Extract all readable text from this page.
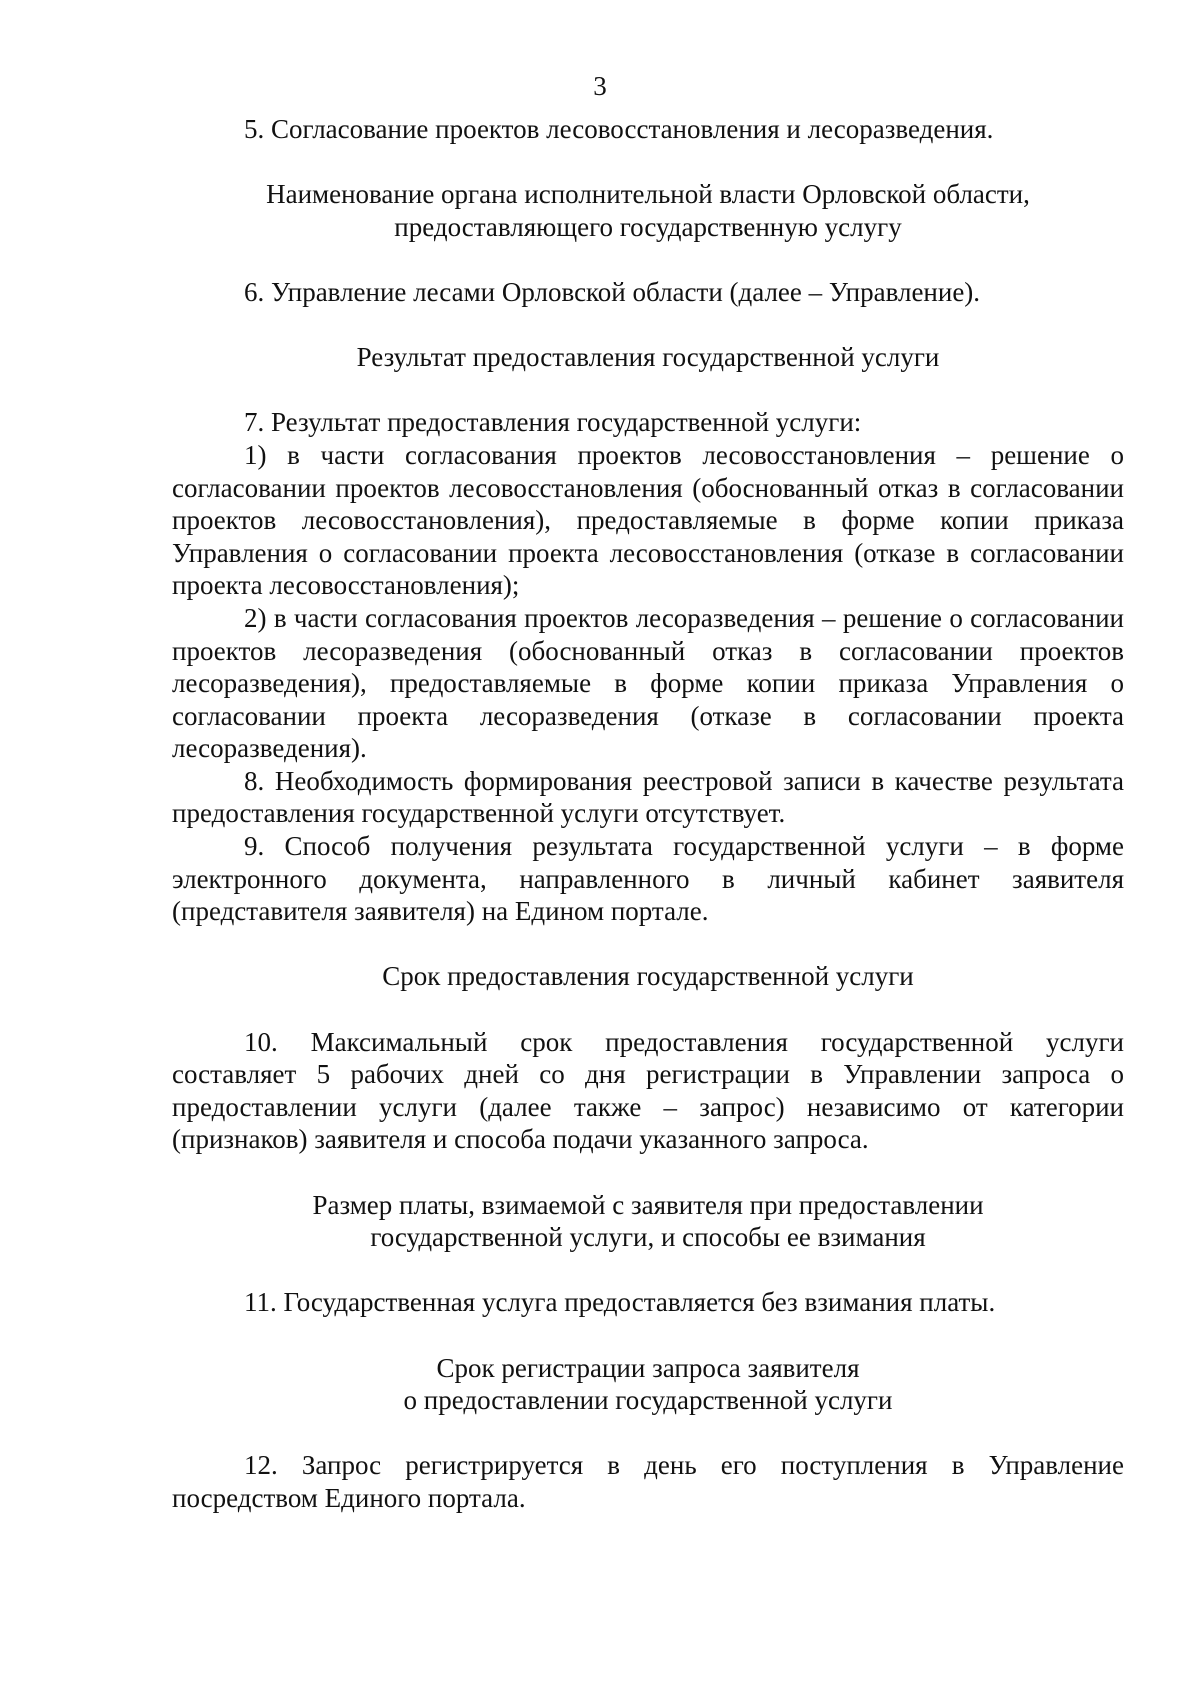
3

5. Согласование проектов лесовосстановления и лесоразведения.

Наименование органа исполнительной власти Орловской области,
предоставляющего государственную услугу

6. Управление лесами Орловской области (далее – Управление).

Результат предоставления государственной услуги

7. Результат предоставления государственной услуги:

1) в части согласования проектов лесовосстановления – решение о согласовании проектов лесовосстановления (обоснованный отказ в согласовании проектов лесовосстановления), предоставляемые в форме копии приказа Управления о согласовании проекта лесовосстановления (отказе в согласовании проекта лесовосстановления);

2) в части согласования проектов лесоразведения – решение о согласовании проектов лесоразведения (обоснованный отказ в согласовании проектов лесоразведения), предоставляемые в форме копии приказа Управления о согласовании проекта лесоразведения (отказе в согласовании проекта лесоразведения).

8. Необходимость формирования реестровой записи в качестве результата предоставления государственной услуги отсутствует.

9. Способ получения результата государственной услуги – в форме электронного документа, направленного в личный кабинет заявителя (представителя заявителя) на Едином портале.

Срок предоставления государственной услуги

10. Максимальный срок предоставления государственной услуги составляет 5 рабочих дней со дня регистрации в Управлении запроса о предоставлении услуги (далее также – запрос) независимо от категории (признаков) заявителя и способа подачи указанного запроса.

Размер платы, взимаемой с заявителя при предоставлении
государственной услуги, и способы ее взимания

11. Государственная услуга предоставляется без взимания платы.

Срок регистрации запроса заявителя
о предоставлении государственной услуги

12. Запрос регистрируется в день его поступления в Управление посредством Единого портала.
